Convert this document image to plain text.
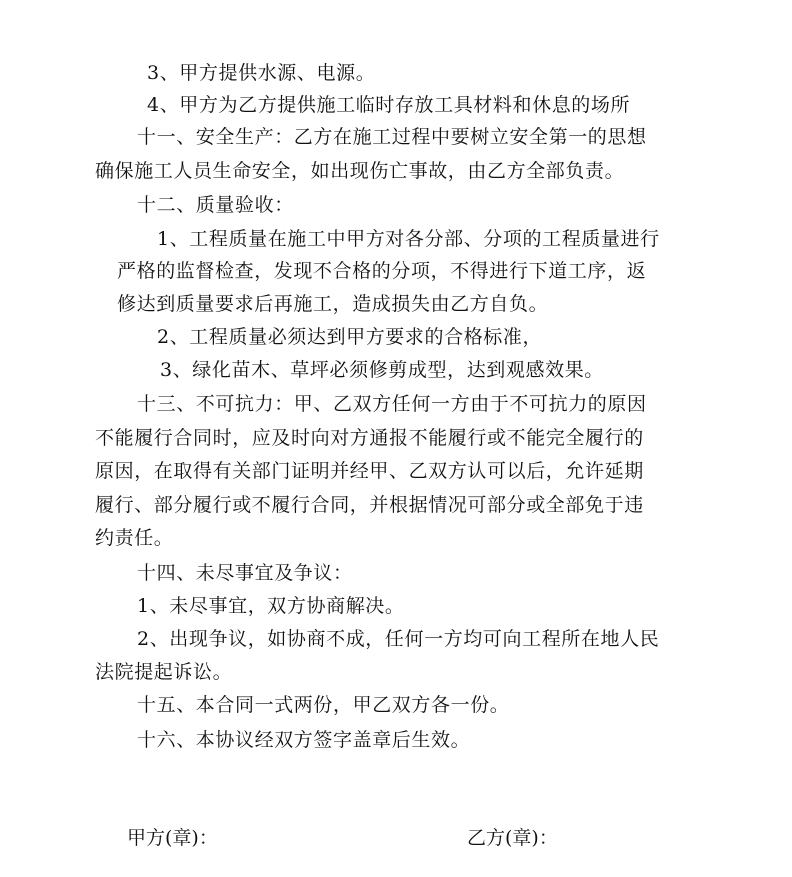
3、甲方提供水源、电源。
4、甲方为乙方提供施工临时存放工具材料和休息的场所
十一、安全生产：乙方在施工过程中要树立安全第一的思想
确保施工人员生命安全，如出现伤亡事故，由乙方全部负责。
十二、质量验收：
1、工程质量在施工中甲方对各分部、分项的工程质量进行
严格的监督检查，发现不合格的分项，不得进行下道工序，返
修达到质量要求后再施工，造成损失由乙方自负。
2、工程质量必须达到甲方要求的合格标准，
3、绿化苗木、草坪必须修剪成型，达到观感效果。
十三、不可抗力：甲、乙双方任何一方由于不可抗力的原因
不能履行合同时，应及时向对方通报不能履行或不能完全履行的
原因，在取得有关部门证明并经甲、乙双方认可以后，允许延期
履行、部分履行或不履行合同，并根据情况可部分或全部免于违
约责任。
十四、未尽事宜及争议：
1、未尽事宜，双方协商解决。
2、出现争议，如协商不成，任何一方均可向工程所在地人民
法院提起诉讼。
十五、本合同一式两份，甲乙双方各一份。
十六、本协议经双方签字盖章后生效。
甲方(章)：	乙方(章)：
